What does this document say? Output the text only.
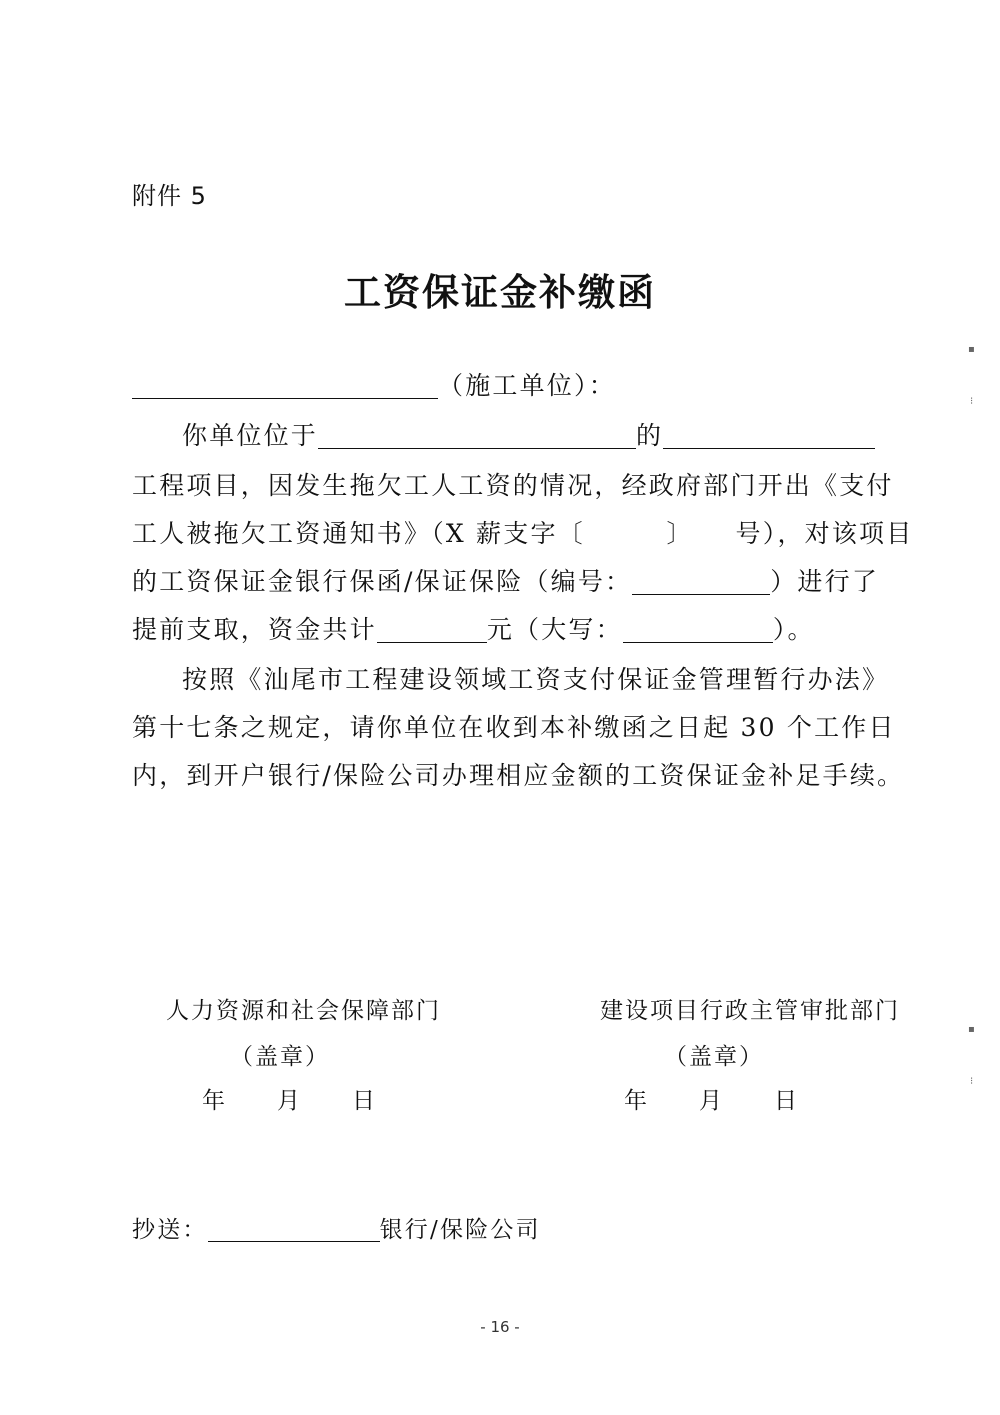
附件 5
工资保证金补缴函
（施工单位）：
你单位位于	的
工程项目，因发生拖欠工人工资的情况，经政府部门开出《支付
工人被拖欠工资通知书》（X 薪支字〔　　　〕　　号），对该项目
的工资保证金银行保函/保证保险（编号：	）进行了
提前支取，资金共计	元（大写：	）。
按照《汕尾市工程建设领域工资支付保证金管理暂行办法》
第十七条之规定，请你单位在收到本补缴函之日起 30 个工作日
内，到开户银行/保险公司办理相应金额的工资保证金补足手续。
人力资源和社会保障部门
（盖章）
年　　月　　日
建设项目行政主管审批部门
（盖章）
年　　月　　日
抄送：	银行/保险公司
- 16 -
▪
⁝
▪
⁝
